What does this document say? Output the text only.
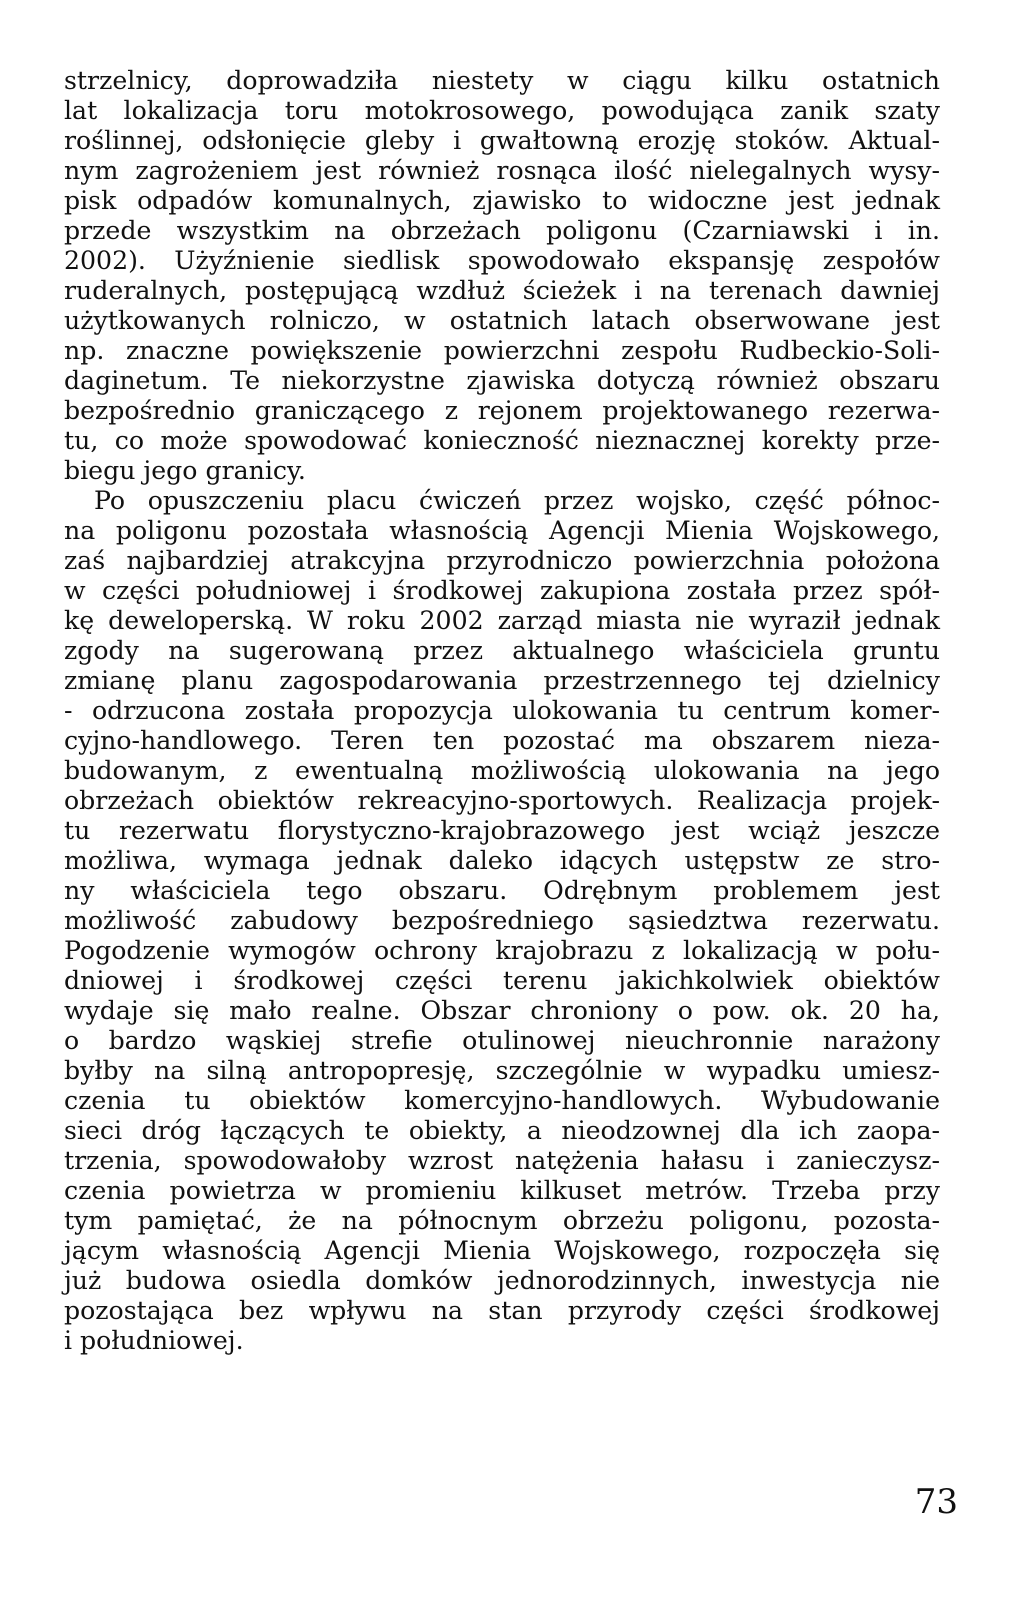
strzelnicy, doprowadziła niestety w ciągu kilku ostatnich
lat lokalizacja toru motokrosowego, powodująca zanik szaty
roślinnej, odsłonięcie gleby i gwałtowną erozję stoków. Aktual-
nym zagrożeniem jest również rosnąca ilość nielegalnych wysy-
pisk odpadów komunalnych, zjawisko to widoczne jest jednak
przede wszystkim na obrzeżach poligonu (Czarniawski i in.
2002). Użyźnienie siedlisk spowodowało ekspansję zespołów
ruderalnych, postępującą wzdłuż ścieżek i na terenach dawniej
użytkowanych rolniczo, w ostatnich latach obserwowane jest
np. znaczne powiększenie powierzchni zespołu Rudbeckio-Soli-
daginetum. Te niekorzystne zjawiska dotyczą również obszaru
bezpośrednio graniczącego z rejonem projektowanego rezerwa-
tu, co może spowodować konieczność nieznacznej korekty prze-
biegu jego granicy.
Po opuszczeniu placu ćwiczeń przez wojsko, część północ-
na poligonu pozostała własnością Agencji Mienia Wojskowego,
zaś najbardziej atrakcyjna przyrodniczo powierzchnia położona
w części południowej i środkowej zakupiona została przez spół-
kę deweloperską. W roku 2002 zarząd miasta nie wyraził jednak
zgody na sugerowaną przez aktualnego właściciela gruntu
zmianę planu zagospodarowania przestrzennego tej dzielnicy
- odrzucona została propozycja ulokowania tu centrum komer-
cyjno-handlowego. Teren ten pozostać ma obszarem nieza-
budowanym, z ewentualną możliwością ulokowania na jego
obrzeżach obiektów rekreacyjno-sportowych. Realizacja projek-
tu rezerwatu florystyczno-krajobrazowego jest wciąż jeszcze
możliwa, wymaga jednak daleko idących ustępstw ze stro-
ny właściciela tego obszaru. Odrębnym problemem jest
możliwość zabudowy bezpośredniego sąsiedztwa rezerwatu.
Pogodzenie wymogów ochrony krajobrazu z lokalizacją w połu-
dniowej i środkowej części terenu jakichkolwiek obiektów
wydaje się mało realne. Obszar chroniony o pow. ok. 20 ha,
o bardzo wąskiej strefie otulinowej nieuchronnie narażony
byłby na silną antropopresję, szczególnie w wypadku umiesz-
czenia tu obiektów komercyjno-handlowych. Wybudowanie
sieci dróg łączących te obiekty, a nieodzownej dla ich zaopa-
trzenia, spowodowałoby wzrost natężenia hałasu i zanieczysz-
czenia powietrza w promieniu kilkuset metrów. Trzeba przy
tym pamiętać, że na północnym obrzeżu poligonu, pozosta-
jącym własnością Agencji Mienia Wojskowego, rozpoczęła się
już budowa osiedla domków jednorodzinnych, inwestycja nie
pozostająca bez wpływu na stan przyrody części środkowej
i południowej.
73
